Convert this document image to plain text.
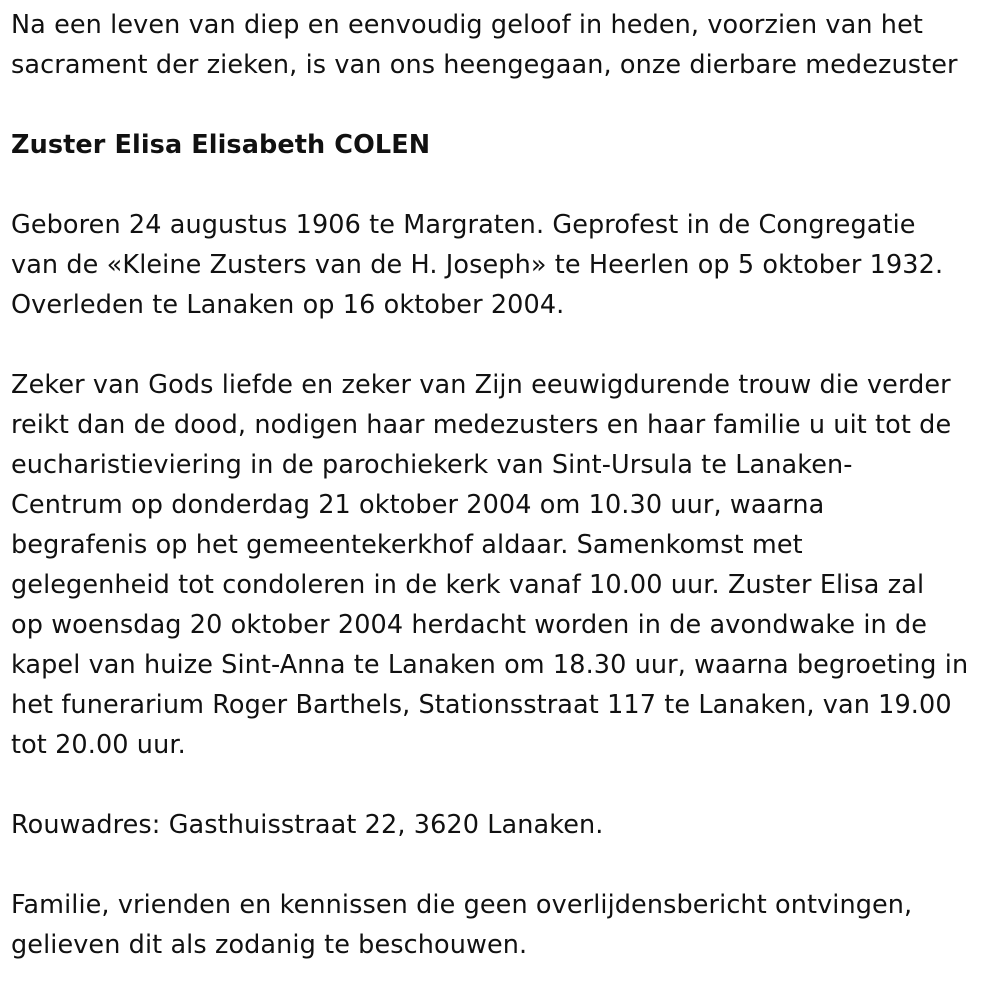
Na een leven van diep en eenvoudig geloof in heden, voorzien van het
sacrament der zieken, is van ons heengegaan, onze dierbare medezuster
Zuster Elisa Elisabeth COLEN
Geboren 24 augustus 1906 te Margraten. Geprofest in de Congregatie
van de «Kleine Zusters van de H. Joseph» te Heerlen op 5 oktober 1932.
Overleden te Lanaken op 16 oktober 2004.
Zeker van Gods liefde en zeker van Zijn eeuwigdurende trouw die verder
reikt dan de dood, nodigen haar medezusters en haar familie u uit tot de
eucharistieviering in de parochiekerk van Sint-Ursula te Lanaken-
Centrum op donderdag 21 oktober 2004 om 10.30 uur, waarna
begrafenis op het gemeentekerkhof aldaar. Samenkomst met
gelegenheid tot condoleren in de kerk vanaf 10.00 uur. Zuster Elisa zal
op woensdag 20 oktober 2004 herdacht worden in de avondwake in de
kapel van huize Sint-Anna te Lanaken om 18.30 uur, waarna begroeting in
het funerarium Roger Barthels, Stationsstraat 117 te Lanaken, van 19.00
tot 20.00 uur.
Rouwadres: Gasthuisstraat 22, 3620 Lanaken.
Familie, vrienden en kennissen die geen overlijdensbericht ontvingen,
gelieven dit als zodanig te beschouwen.
